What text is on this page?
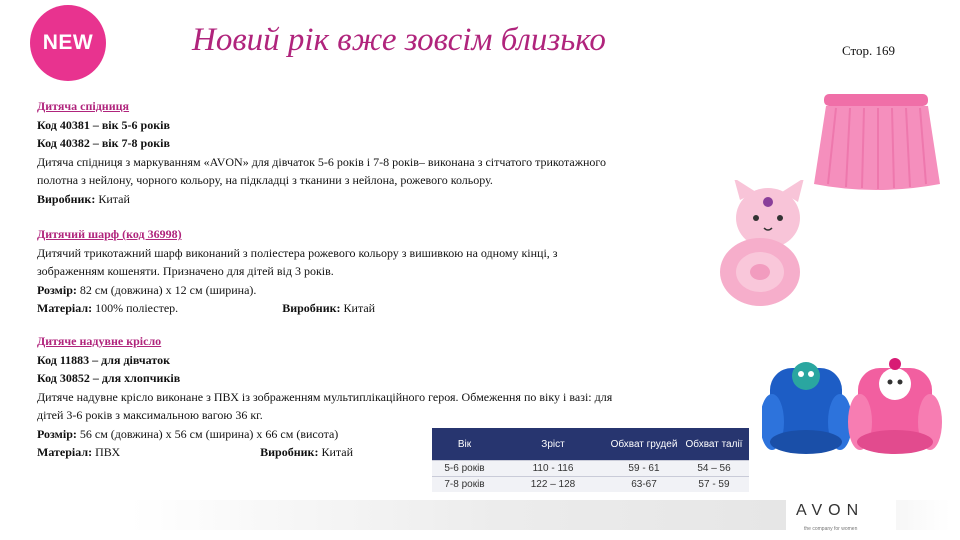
NEW	Новий рік вже зовсім близько	Стор. 169

Дитяча спідниця

Код 40381 – вік 5-6 років

Код 40382 – вік 7-8 років

Дитяча спідниця з маркуванням «AVON» для дівчаток 5-6 років і 7-8 років– виконана з сітчатого трикотажного

полотна з нейлону, чорного кольору, на підкладці з тканини з нейлона, рожевого кольору.

Виробник: Китай

Дитячий шарф (код 36998)

Дитячий трикотажний шарф виконаний з поліестера рожевого кольору з вишивкою на одному кінці, з

зображенням кошеняти. Призначено для дітей від 3 років.

Розмір: 82 см (довжина) х 12 см (ширина).

Матеріал: 100% поліестер.	Виробник: Китай

Дитяче надувне крісло

Код 11883 – для дівчаток

Код 30852 – для хлопчиків

Дитяче надувне крісло виконане з ПВХ із зображенням мультиплікаційного героя. Обмеження по віку і вазі: для

дітей 3-6 років з максимальною вагою 36 кг.

Розмір: 56 см (довжина) х 56 см (ширина) х 66 см (висота)

Матеріал: ПВХ	Виробник: Китай

Вік	Зріст	Обхват грудей	Обхват талії
5-6 років	110 - 116	59 - 61	54 – 56
7-8 років	122 – 128	63-67	57 - 59
AVON
the company for women
